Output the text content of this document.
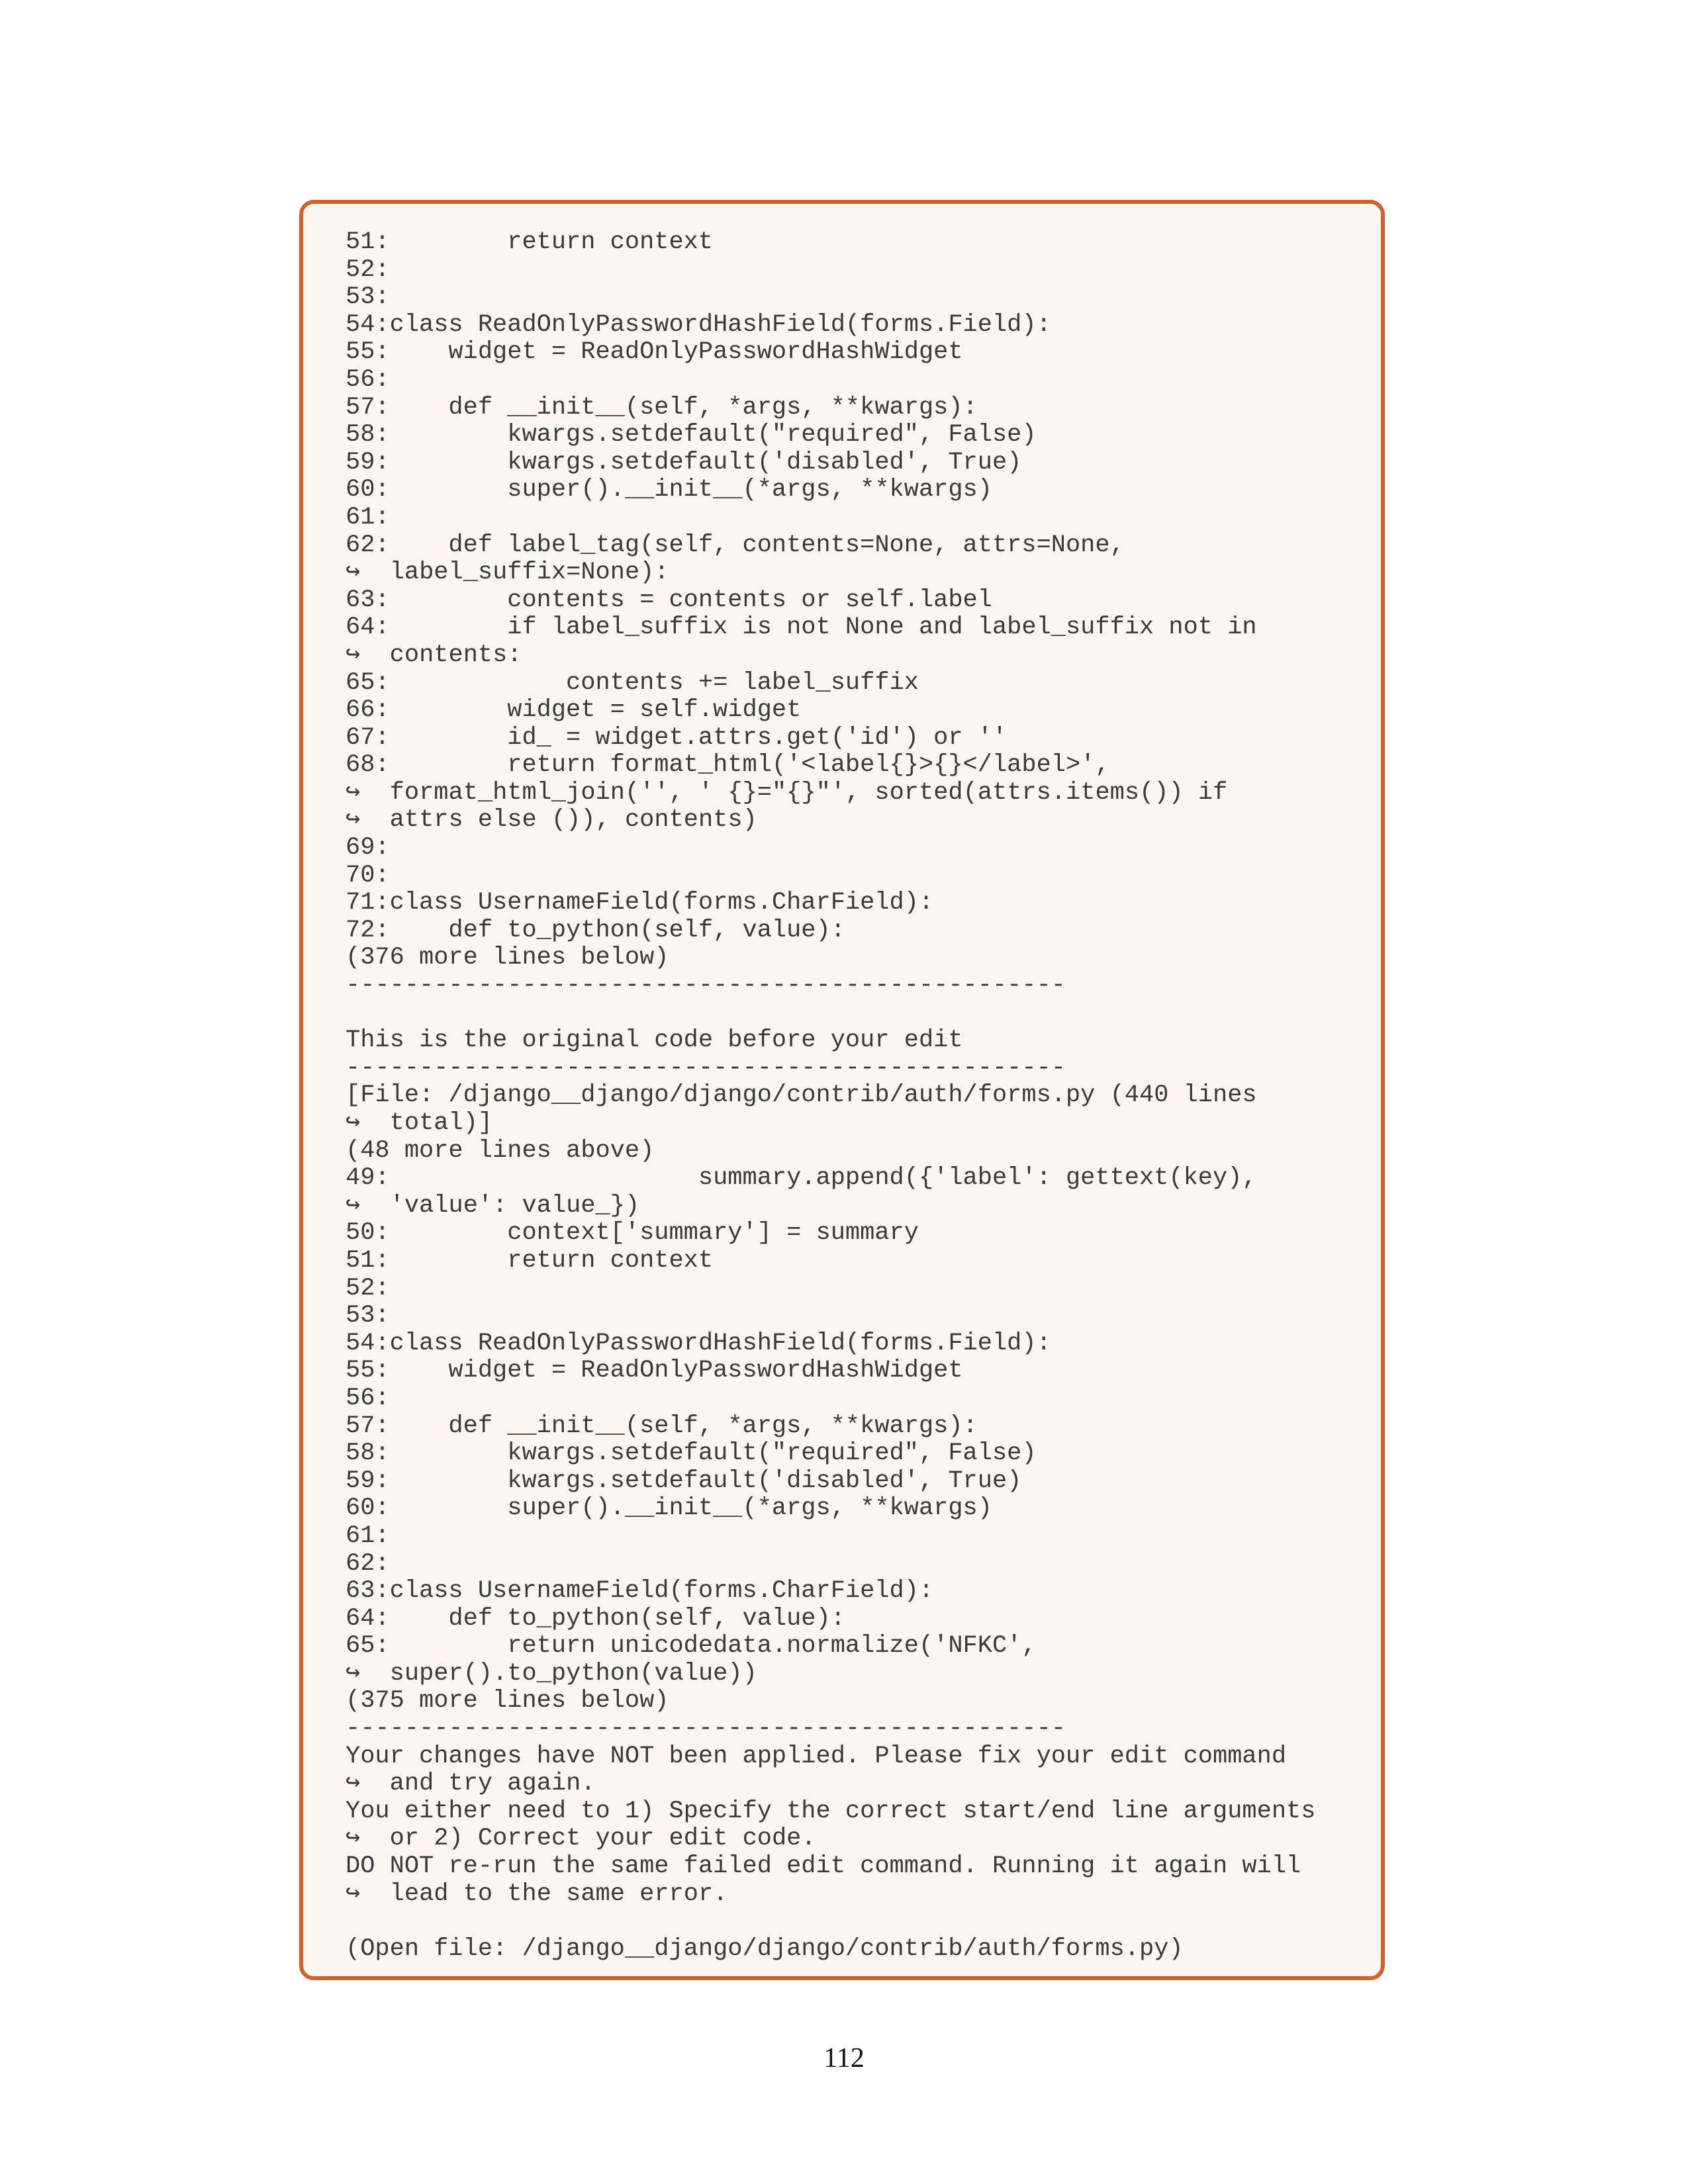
51:        return context
52:
53:
54:class ReadOnlyPasswordHashField(forms.Field):
55:    widget = ReadOnlyPasswordHashWidget
56:
57:    def __init__(self, *args, **kwargs):
58:        kwargs.setdefault("required", False)
59:        kwargs.setdefault('disabled', True)
60:        super().__init__(*args, **kwargs)
61:
62:    def label_tag(self, contents=None, attrs=None,
↪  label_suffix=None):
63:        contents = contents or self.label
64:        if label_suffix is not None and label_suffix not in
↪  contents:
65:            contents += label_suffix
66:        widget = self.widget
67:        id_ = widget.attrs.get('id') or ''
68:        return format_html('<label{}>{}</label>',
↪  format_html_join('', ' {}="{}"', sorted(attrs.items()) if
↪  attrs else ()), contents)
69:
70:
71:class UsernameField(forms.CharField):
72:    def to_python(self, value):
(376 more lines below)
-------------------------------------------------
This is the original code before your edit
-------------------------------------------------
[File: /django__django/django/contrib/auth/forms.py (440 lines
↪  total)]
(48 more lines above)
49:                     summary.append({'label': gettext(key),
↪  'value': value_})
50:        context['summary'] = summary
51:        return context
52:
53:
54:class ReadOnlyPasswordHashField(forms.Field):
55:    widget = ReadOnlyPasswordHashWidget
56:
57:    def __init__(self, *args, **kwargs):
58:        kwargs.setdefault("required", False)
59:        kwargs.setdefault('disabled', True)
60:        super().__init__(*args, **kwargs)
61:
62:
63:class UsernameField(forms.CharField):
64:    def to_python(self, value):
65:        return unicodedata.normalize('NFKC',
↪  super().to_python(value))
(375 more lines below)
-------------------------------------------------
Your changes have NOT been applied. Please fix your edit command
↪  and try again.
You either need to 1) Specify the correct start/end line arguments
↪  or 2) Correct your edit code.
DO NOT re-run the same failed edit command. Running it again will
↪  lead to the same error.
(Open file: /django__django/django/contrib/auth/forms.py)
112
